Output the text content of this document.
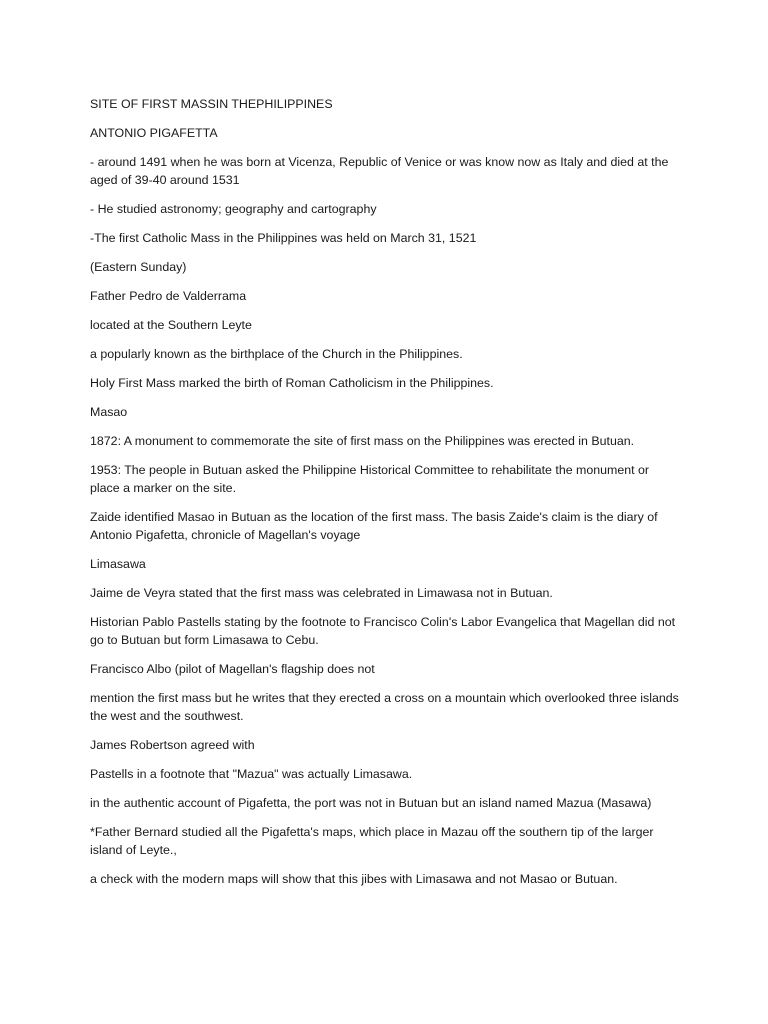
SITE OF FIRST MASSIN THEPHILIPPINES

ANTONIO PIGAFETTA

- around 1491 when he was born at Vicenza, Republic of Venice or was know now as Italy and died at the aged of 39-40 around 1531

- He studied astronomy; geography and cartography

-The first Catholic Mass in the Philippines was held on March 31, 1521

(Eastern Sunday)

Father Pedro de Valderrama

located at the Southern Leyte

a popularly known as the birthplace of the Church in the Philippines.

Holy First Mass marked the birth of Roman Catholicism in the Philippines.

Masao

1872: A monument to commemorate the site of first mass on the Philippines was erected in Butuan.

1953: The people in Butuan asked the Philippine Historical Committee to rehabilitate the monument or place a marker on the site.

Zaide identified Masao in Butuan as the location of the first mass. The basis Zaide's claim is the diary of Antonio Pigafetta, chronicle of Magellan's voyage

Limasawa

Jaime de Veyra stated that the first mass was celebrated in Limawasa not in Butuan.

Historian Pablo Pastells stating by the footnote to Francisco Colin's Labor Evangelica that Magellan did not go to Butuan but form Limasawa to Cebu.

Francisco Albo (pilot of Magellan's flagship does not

mention the first mass but he writes that they erected a cross on a mountain which overlooked three islands the west and the southwest.

James Robertson agreed with

Pastells in a footnote that "Mazua" was actually Limasawa.

in the authentic account of Pigafetta, the port was not in Butuan but an island named Mazua (Masawa)

*Father Bernard studied all the Pigafetta's maps, which place in Mazau off the southern tip of the larger island of Leyte.,

a check with the modern maps will show that this jibes with Limasawa and not Masao or Butuan.
